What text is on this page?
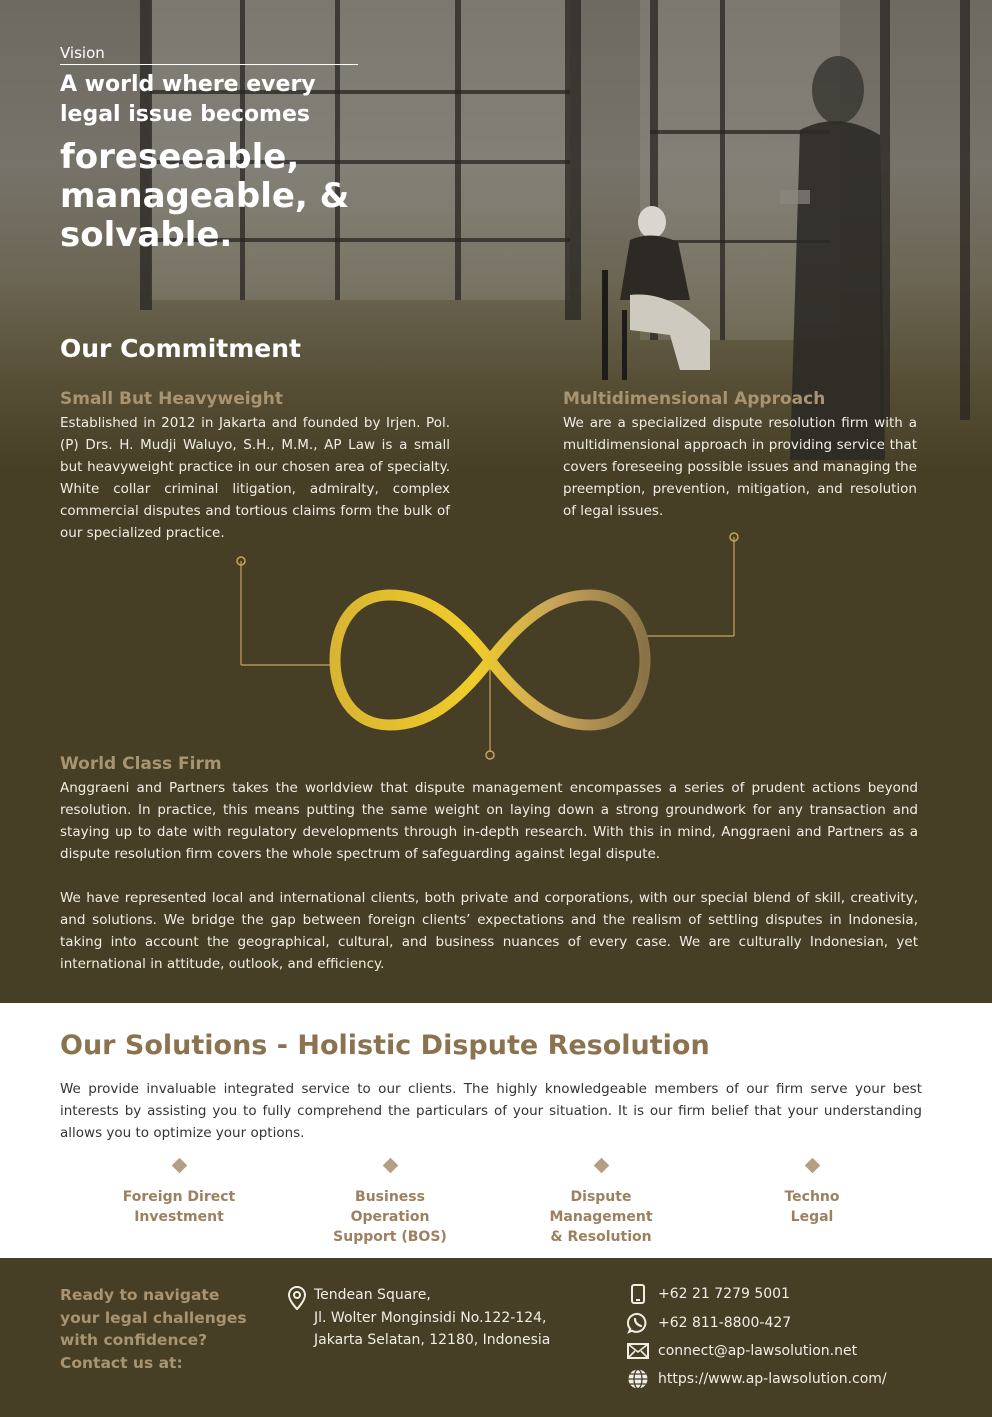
Vision
A world where every legal issue becomes
foreseeable, manageable, & solvable.
Our Commitment
Small But Heavyweight
Established in 2012 in Jakarta and founded by Irjen. Pol. (P) Drs. H. Mudji Waluyo, S.H., M.M., AP Law is a small but heavyweight practice in our chosen area of specialty. White collar criminal litigation, admiralty, complex commercial disputes and tortious claims form the bulk of our specialized practice.
Multidimensional Approach
We are a specialized dispute resolution firm with a multidimensional approach in providing service that covers foreseeing possible issues and managing the preemption, prevention, mitigation, and resolution of legal issues.
World Class Firm
Anggraeni and Partners takes the worldview that dispute management encompasses a series of prudent actions beyond resolution. In practice, this means putting the same weight on laying down a strong groundwork for any transaction and staying up to date with regulatory developments through in-depth research. With this in mind, Anggraeni and Partners as a dispute resolution firm covers the whole spectrum of safeguarding against legal dispute.
We have represented local and international clients, both private and corporations, with our special blend of skill, creativity, and solutions. We bridge the gap between foreign clients’ expectations and the realism of settling disputes in Indonesia, taking into account the geographical, cultural, and business nuances of every case. We are culturally Indonesian, yet international in attitude, outlook, and efficiency.
Our Solutions - Holistic Dispute Resolution
We provide invaluable integrated service to our clients. The highly knowledgeable members of our firm serve your best interests by assisting you to fully comprehend the particulars of your situation. It is our firm belief that your understanding allows you to optimize your options.
Foreign Direct
Investment
Business
Operation
Support (BOS)
Dispute
Management
& Resolution
Techno
Legal
Ready to navigate your legal challenges with confidence? Contact us at:
Tendean Square,
Jl. Wolter Monginsidi No.122-124,
Jakarta Selatan, 12180, Indonesia
+62 21 7279 5001
+62 811-8800-427
connect@ap-lawsolution.net
https://www.ap-lawsolution.com/
